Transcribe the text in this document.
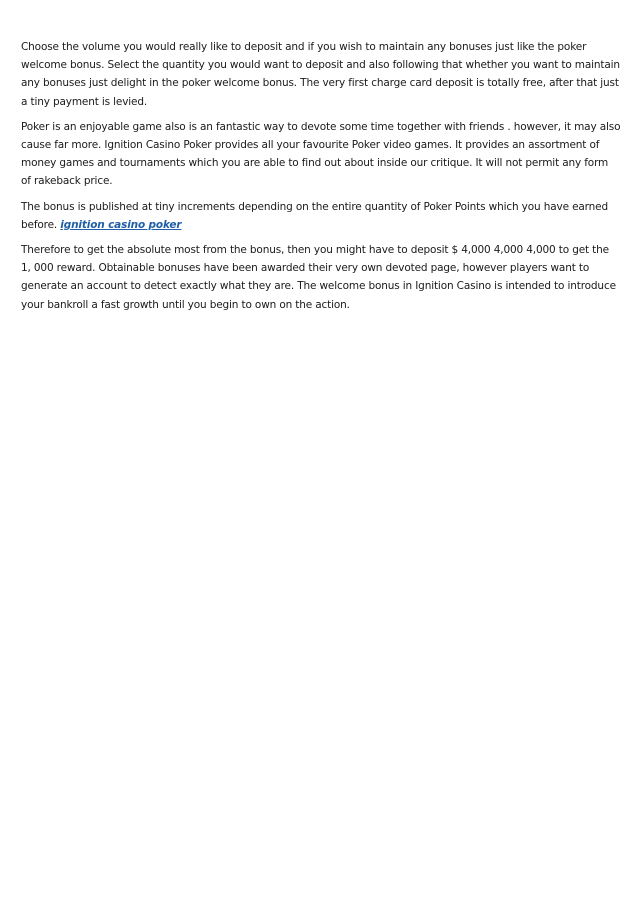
Choose the volume you would really like to deposit and if you wish to maintain any bonuses just like the poker welcome bonus. Select the quantity you would want to deposit and also following that whether you want to maintain any bonuses just delight in the poker welcome bonus. The very first charge card deposit is totally free, after that just a tiny payment is levied.

Poker is an enjoyable game also is an fantastic way to devote some time together with friends . however, it may also cause far more. Ignition Casino Poker provides all your favourite Poker video games. It provides an assortment of money games and tournaments which you are able to find out about inside our critique. It will not permit any form of rakeback price.

The bonus is published at tiny increments depending on the entire quantity of Poker Points which you have earned before. ignition casino poker

Therefore to get the absolute most from the bonus, then you might have to deposit $ 4,000 4,000 4,000 to get the 1, 000 reward. Obtainable bonuses have been awarded their very own devoted page, however players want to generate an account to detect exactly what they are. The welcome bonus in Ignition Casino is intended to introduce your bankroll a fast growth until you begin to own on the action.
